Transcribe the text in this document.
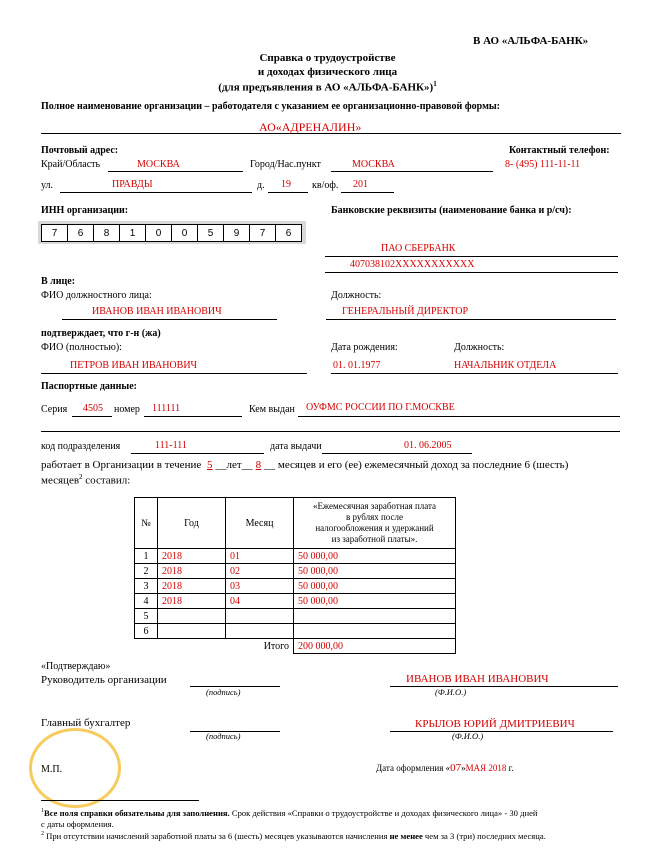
В АО «АЛЬФА-БАНК»
Справка о трудоустройстве
и доходах физического лица
(для предъявления в АО «АЛЬФА-БАНК»)$^1$
Полное наименование организации – работодателя с указанием ее организационно-правовой формы:
АО«АДРЕНАЛИН»
Почтовый адрес:
Край/Область	МОСКВА	Город/Нас.пункт	МОСКВА
Контактный телефон:
8- (495) 111-11-11
ул.	ПРАВДЫ	д. 19 кв/оф. 201
ИНН организации:
7	6	8	1	0	0	5	9	7	6
Банковские реквизиты (наименование банка и р/сч):
ПАО СБЕРБАНК
407038102XXXXXXXXXXX
В лице:
ФИО должностного лица:	Должность:
ИВАНОВ ИВАН ИВАНОВИЧ	ГЕНЕРАЛЬНЫЙ ДИРЕКТОР
подтверждает, что г-н (жа)
ФИО (полностью):	Дата рождения:	Должность:
ПЕТРОВ ИВАН ИВАНОВИЧ	01. 01.1977	НАЧАЛЬНИК ОТДЕЛА
Паспортные данные:
Серия 4505 номер 111111	Кем выдан ОУФМС РОССИИ ПО Г.МОСКВЕ
код подразделения	111-111	дата выдачи	01. 06.2005
работает в Организации в течение 5 __лет__ 8 __ месяцев и его (ее) ежемесячный доход за последние 6 (шесть)
месяцев$^2$ составил:
№	Год	Месяц	«Ежемесячная заработная плата
в рублях после
налогообложения и удержаний
из заработной платы».

1	2018	01	50 000,00
2	2018	02	50 000,00
3	2018	03	50 000,00
4	2018	04	50 000,00
5			
6			
Итого			200 000,00
«Подтверждаю»
Руководитель организации
(подпись)
ИВАНОВ ИВАН ИВАНОВИЧ
(Ф.И.О.)
Главный бухгалтер
(подпись)
КРЫЛОВ ЮРИЙ ДМИТРИЕВИЧ
(Ф.И.О.)
М.П.	Дата оформления «07»МАЯ 2018 г.
$^1$Все поля справки обязательны для заполнения. Срок действия «Справки о трудоустройстве и доходах физического лица» - 30 дней
с даты оформления.
$^2$ При отсутствии начислений заработной платы за 6 (шесть) месяцев указываются начисления не менее чем за 3 (три) последних месяца.
